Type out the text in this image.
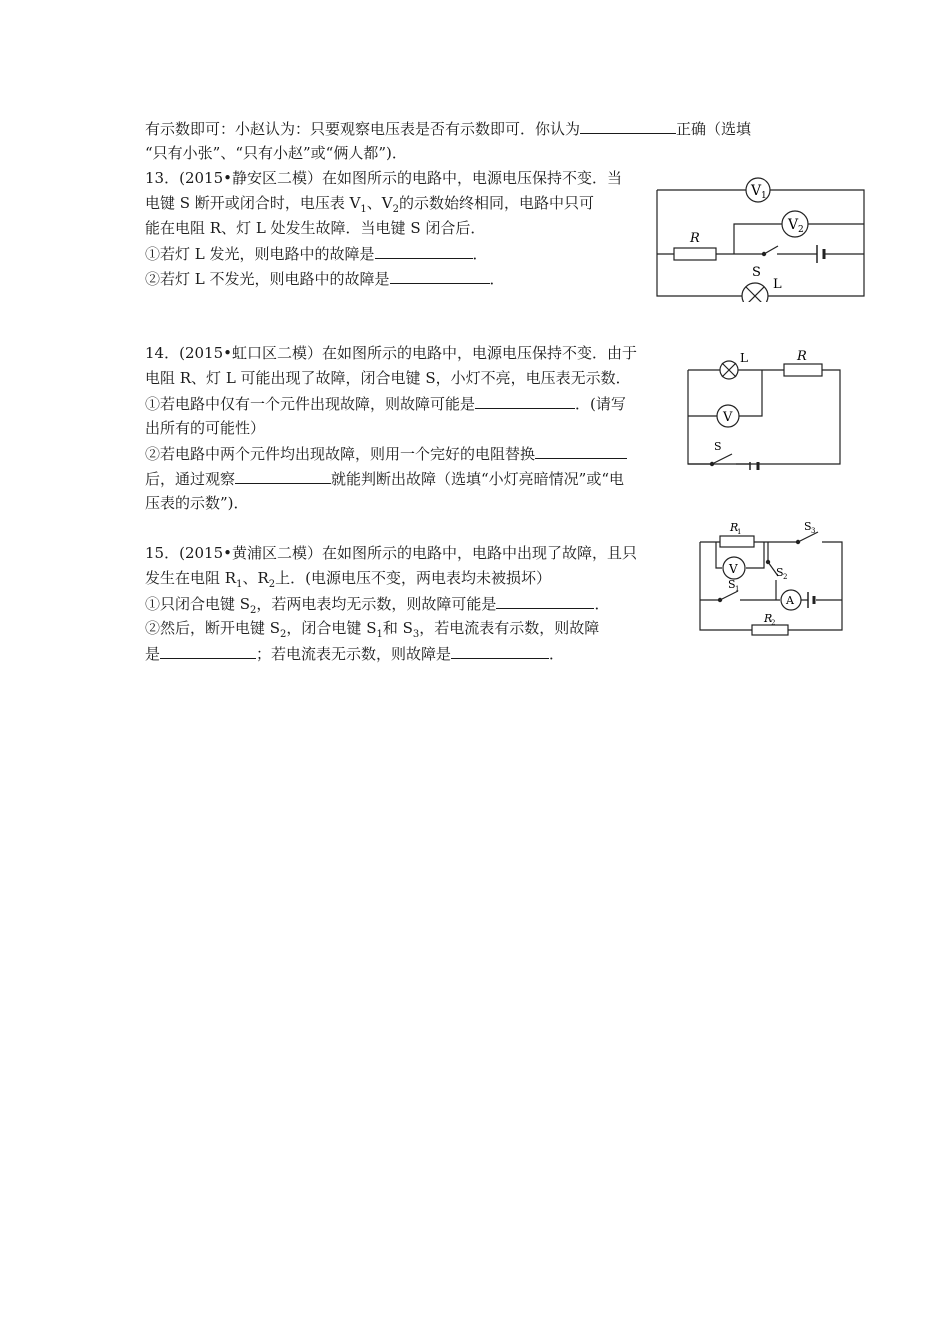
有示数即可：小赵认为：只要观察电压表是否有示数即可．你认为	正确（选填
“只有小张”、“只有小赵”或“俩人都”)．
13．(2015•静安区二模）在如图所示的电路中，电源电压保持不变．当
电键 S 断开或闭合时，电压表 $V_1$、$V_2$的示数始终相同，电路中只可
能在电阻 R、灯 L 处发生故障．当电键 S 闭合后．
①若灯 L 发光，则电路中的故障是	．
②若灯 L 不发光，则电路中的故障是	．
V 1
V 2
R
S
L
14．(2015•虹口区二模）在如图所示的电路中，电源电压保持不变．由于
电阻 R、灯 L 可能出现了故障，闭合电键 S，小灯不亮，电压表无示数．
①若电路中仅有一个元件出现故障，则故障可能是	．(请写
出所有的可能性）
②若电路中两个元件均出现故障，则用一个完好的电阻替换
后，通过观察	就能判断出故障（选填“小灯亮暗情况”或“电
压表的示数”)．
L	R
V
S
15．(2015•黄浦区二模）在如图所示的电路中，电路中出现了故障，且只
发生在电阻 $R_1$、$R_2$上．(电源电压不变，两电表均未被损坏）
①只闭合电键 $S_2$，若两电表均无示数，则故障可能是	．
②然后，断开电键 $S_2$，闭合电键 $S_1$和 $S_3$，若电流表有示数，则故障
是	；若电流表无示数，则故障是	．
R
1
V
S 3
S 2
S 1
A
R
2
